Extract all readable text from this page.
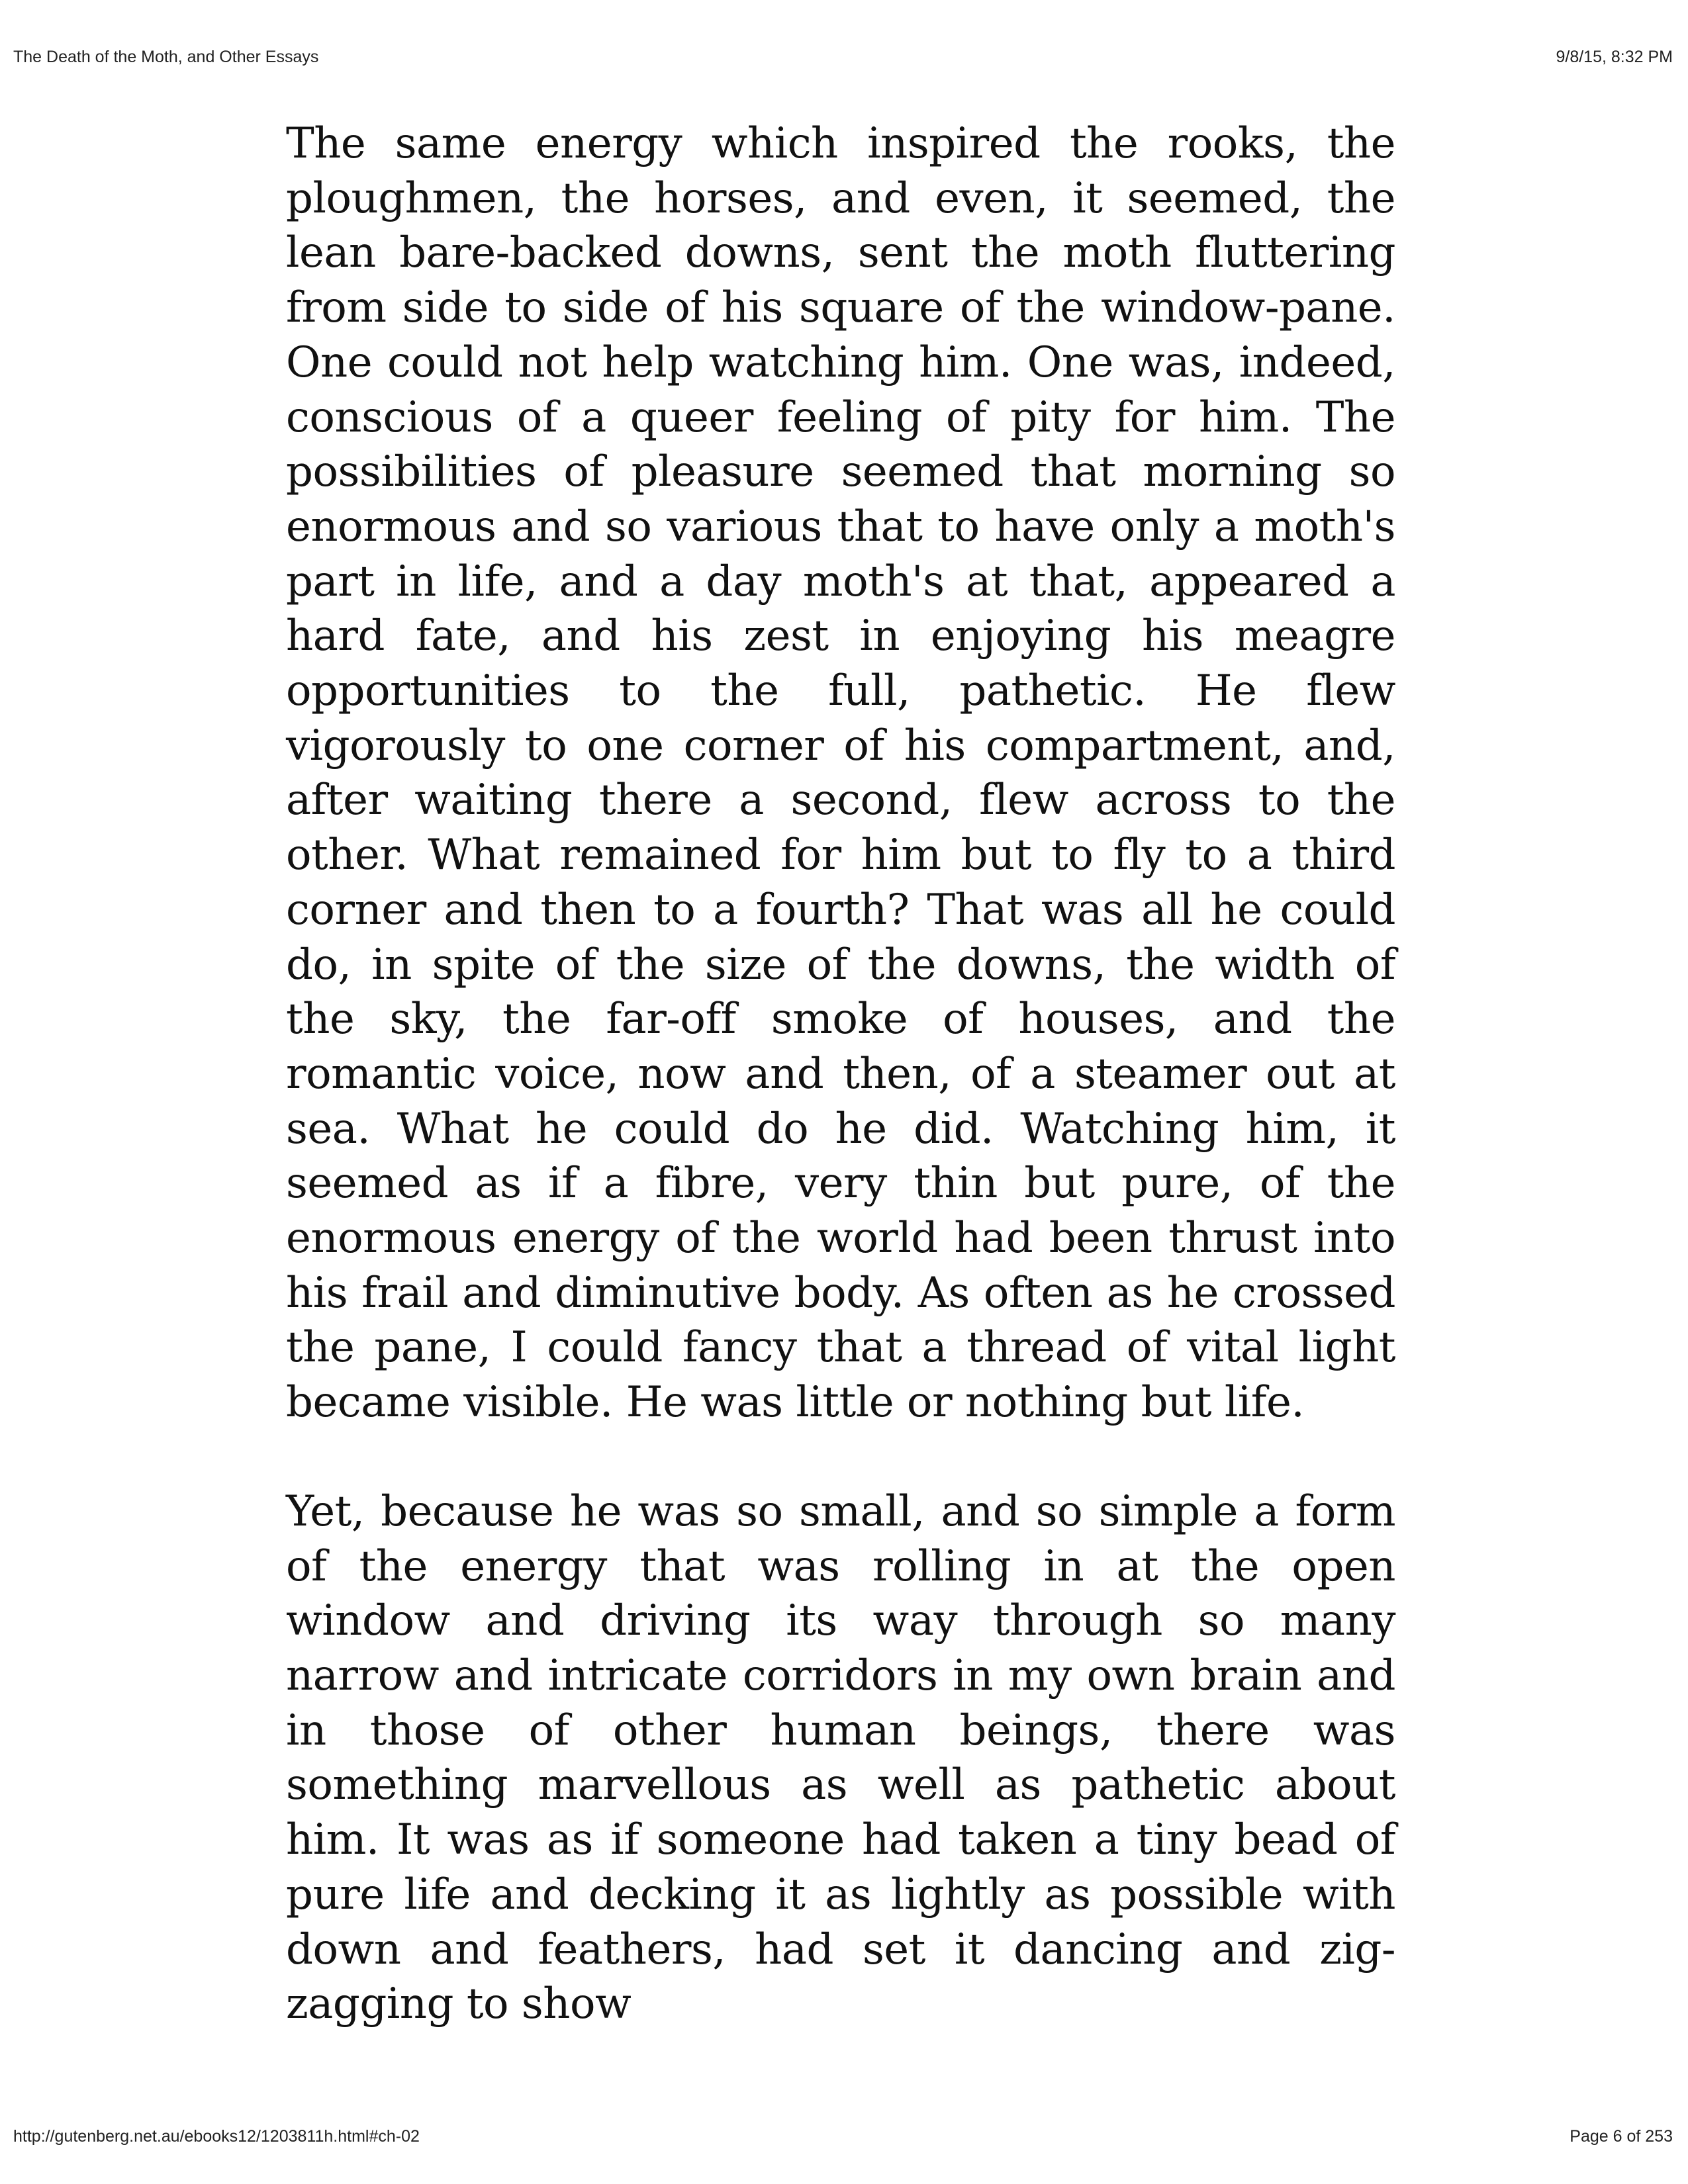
The Death of the Moth, and Other Essays	9/8/15, 8:32 PM

The same energy which inspired the rooks, the ploughmen, the horses, and even, it seemed, the lean bare-backed downs, sent the moth fluttering from side to side of his square of the window-pane. One could not help watching him. One was, indeed, conscious of a queer feeling of pity for him. The possibilities of pleasure seemed that morning so enormous and so various that to have only a moth's part in life, and a day moth's at that, appeared a hard fate, and his zest in enjoying his meagre opportunities to the full, pathetic. He flew vigorously to one corner of his compartment, and, after waiting there a second, flew across to the other. What remained for him but to fly to a third corner and then to a fourth? That was all he could do, in spite of the size of the downs, the width of the sky, the far-off smoke of houses, and the romantic voice, now and then, of a steamer out at sea. What he could do he did. Watching him, it seemed as if a fibre, very thin but pure, of the enormous energy of the world had been thrust into his frail and diminutive body. As often as he crossed the pane, I could fancy that a thread of vital light became visible. He was little or nothing but life.

Yet, because he was so small, and so simple a form of the energy that was rolling in at the open window and driving its way through so many narrow and intricate corridors in my own brain and in those of other human beings, there was something marvellous as well as pathetic about him. It was as if someone had taken a tiny bead of pure life and decking it as lightly as possible with down and feathers, had set it dancing and zig-zagging to show

http://gutenberg.net.au/ebooks12/1203811h.html#ch-02	Page 6 of 253
